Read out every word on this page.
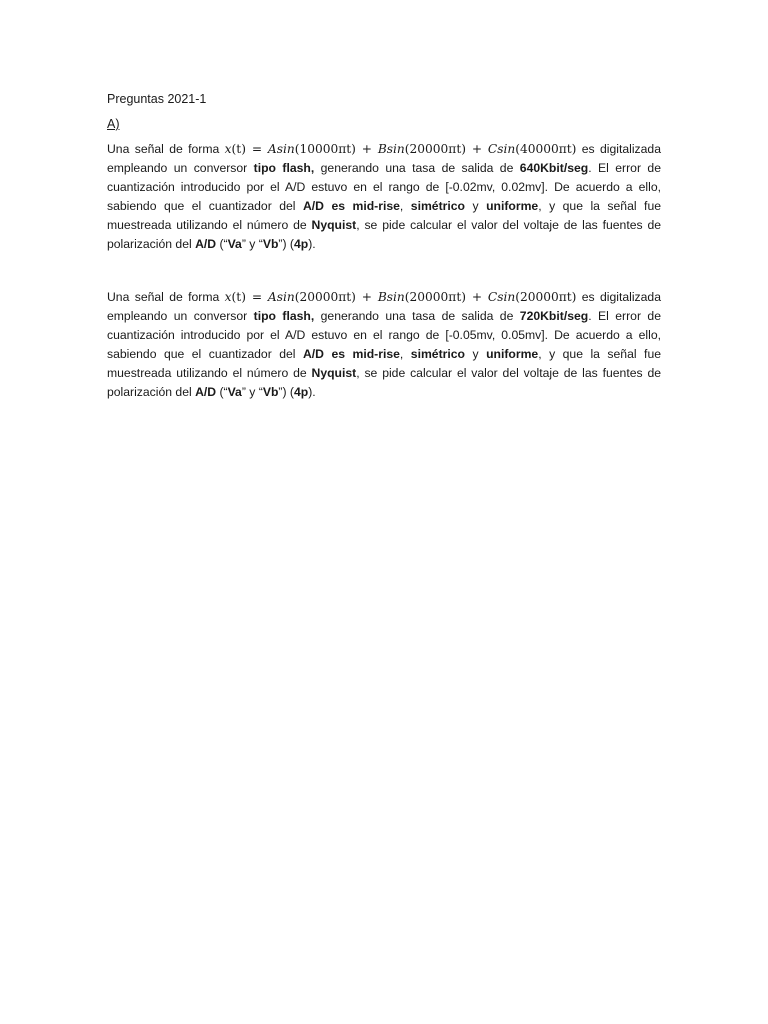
Preguntas 2021-1
A)

Una señal de forma x(t) = Asin(10000πt) + Bsin(20000πt) + Csin(40000πt) es digitalizada empleando un conversor tipo flash, generando una tasa de salida de 640Kbit/seg. El error de cuantización introducido por el A/D estuvo en el rango de [-0.02mv, 0.02mv]. De acuerdo a ello, sabiendo que el cuantizador del A/D es mid-rise, simétrico y uniforme, y que la señal fue muestreada utilizando el número de Nyquist, se pide calcular el valor del voltaje de las fuentes de polarización del A/D (“Va” y “Vb”) (4p).

Una señal de forma x(t) = Asin(20000πt) + Bsin(20000πt) + Csin(20000πt) es digitalizada empleando un conversor tipo flash, generando una tasa de salida de 720Kbit/seg. El error de cuantización introducido por el A/D estuvo en el rango de [-0.05mv, 0.05mv]. De acuerdo a ello, sabiendo que el cuantizador del A/D es mid-rise, simétrico y uniforme, y que la señal fue muestreada utilizando el número de Nyquist, se pide calcular el valor del voltaje de las fuentes de polarización del A/D (“Va” y “Vb”) (4p).
